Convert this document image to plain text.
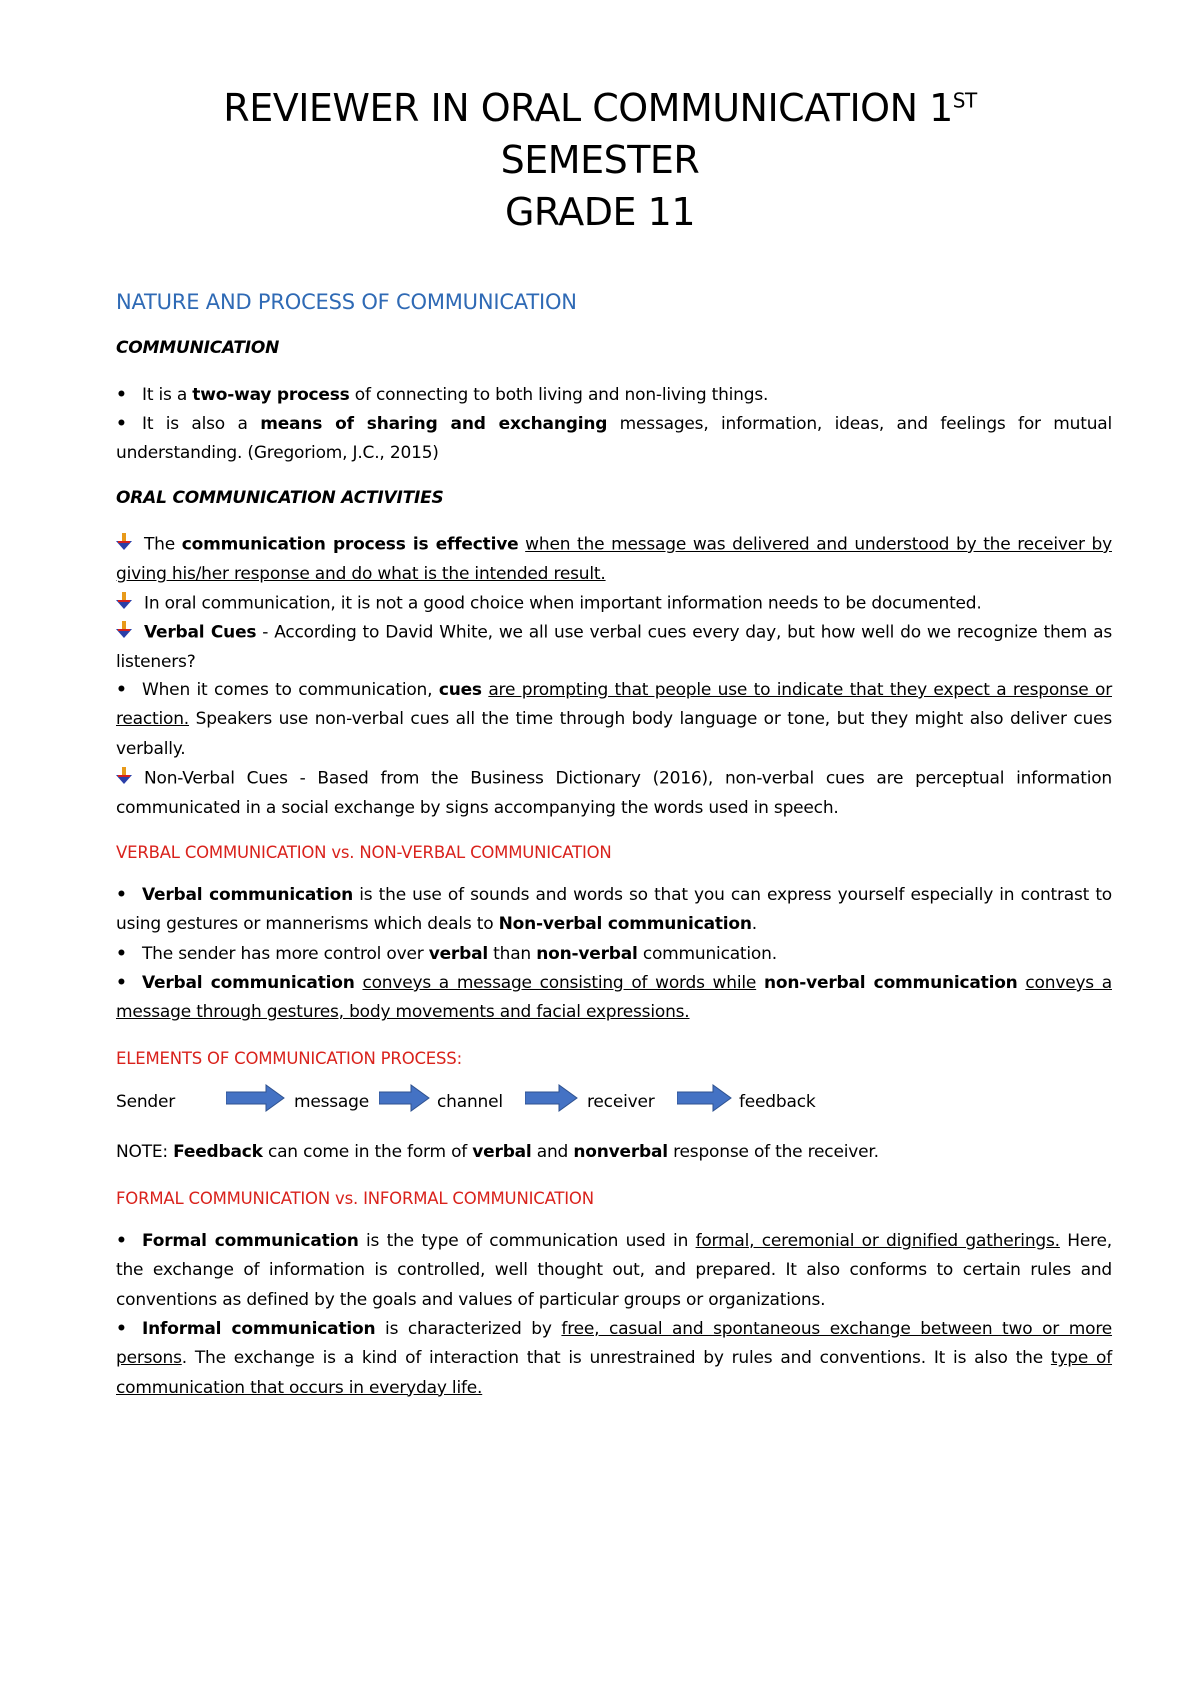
REVIEWER IN ORAL COMMUNICATION 1ST
SEMESTER
GRADE 11
NATURE AND PROCESS OF COMMUNICATION
COMMUNICATION
• It is a two-way process of connecting to both living and non-living things.
• It is also a means of sharing and exchanging messages, information, ideas, and feelings for mutual understanding. (Gregoriom, J.C., 2015)
ORAL COMMUNICATION ACTIVITIES
The communication process is effective when the message was delivered and understood by the receiver by giving his/her response and do what is the intended result.
In oral communication, it is not a good choice when important information needs to be documented.
Verbal Cues - According to David White, we all use verbal cues every day, but how well do we recognize them as listeners?
• When it comes to communication, cues are prompting that people use to indicate that they expect a response or reaction. Speakers use non-verbal cues all the time through body language or tone, but they might also deliver cues verbally.
Non-Verbal Cues - Based from the Business Dictionary (2016), non-verbal cues are perceptual information communicated in a social exchange by signs accompanying the words used in speech.
VERBAL COMMUNICATION vs. NON-VERBAL COMMUNICATION
• Verbal communication is the use of sounds and words so that you can express yourself especially in contrast to using gestures or mannerisms which deals to Non-verbal communication.
• The sender has more control over verbal than non-verbal communication.
• Verbal communication conveys a message consisting of words while non-verbal communication conveys a message through gestures, body movements and facial expressions.
ELEMENTS OF COMMUNICATION PROCESS:
Sender	message	channel	receiver	feedback
NOTE: Feedback can come in the form of verbal and nonverbal response of the receiver.
FORMAL COMMUNICATION vs. INFORMAL COMMUNICATION
• Formal communication is the type of communication used in formal, ceremonial or dignified gatherings. Here, the exchange of information is controlled, well thought out, and prepared. It also conforms to certain rules and conventions as defined by the goals and values of particular groups or organizations.
• Informal communication is characterized by free, casual and spontaneous exchange between two or more persons. The exchange is a kind of interaction that is unrestrained by rules and conventions. It is also the type of communication that occurs in everyday life.
